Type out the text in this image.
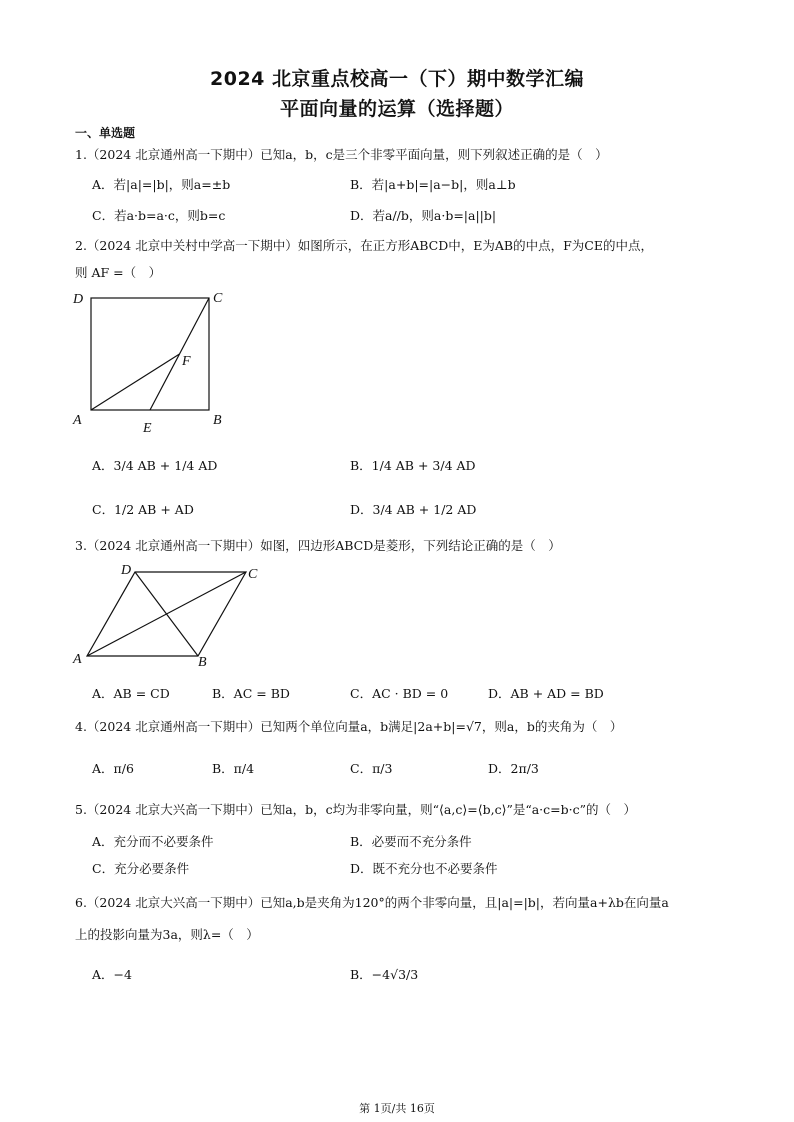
2024 北京重点校高一（下）期中数学汇编
平面向量的运算（选择题）
一、单选题
1.（2024 北京通州高一下期中）已知a，b，c是三个非零平面向量，则下列叙述正确的是（　）
A．若|a|=|b|，则a=±b	B．若|a+b|=|a−b|，则a⊥b
C．若a·b=a·c，则b=c	D．若a//b，则a·b=|a||b|
2.（2024 北京中关村中学高一下期中）如图所示，在正方形ABCD中，E为AB的中点，F为CE的中点，
则 AF =（　）
D	C
F
A	B
E
A．3/4 AB + 1/4 AD	B．1/4 AB + 3/4 AD
C．1/2 AB + AD	D．3/4 AB + 1/2 AD
3.（2024 北京通州高一下期中）如图，四边形ABCD是菱形，下列结论正确的是（　）
D	C
A	B
A．AB = CD	B．AC = BD	C．AC · BD = 0	D．AB + AD = BD
4.（2024 北京通州高一下期中）已知两个单位向量a，b满足|2a+b|=√7，则a，b的夹角为（　）
A．π/6	B．π/4	C．π/3	D．2π/3
5.（2024 北京大兴高一下期中）已知a，b，c均为非零向量，则“⟨a,c⟩=⟨b,c⟩”是“a·c=b·c”的（　）
A．充分而不必要条件	B．必要而不充分条件
C．充分必要条件	D．既不充分也不必要条件
6.（2024 北京大兴高一下期中）已知a,b是夹角为120°的两个非零向量，且|a|=|b|，若向量a+λb在向量a
上的投影向量为3a，则λ=（　）
A．−4	B．−4√3/3
第 1页/共 16页
